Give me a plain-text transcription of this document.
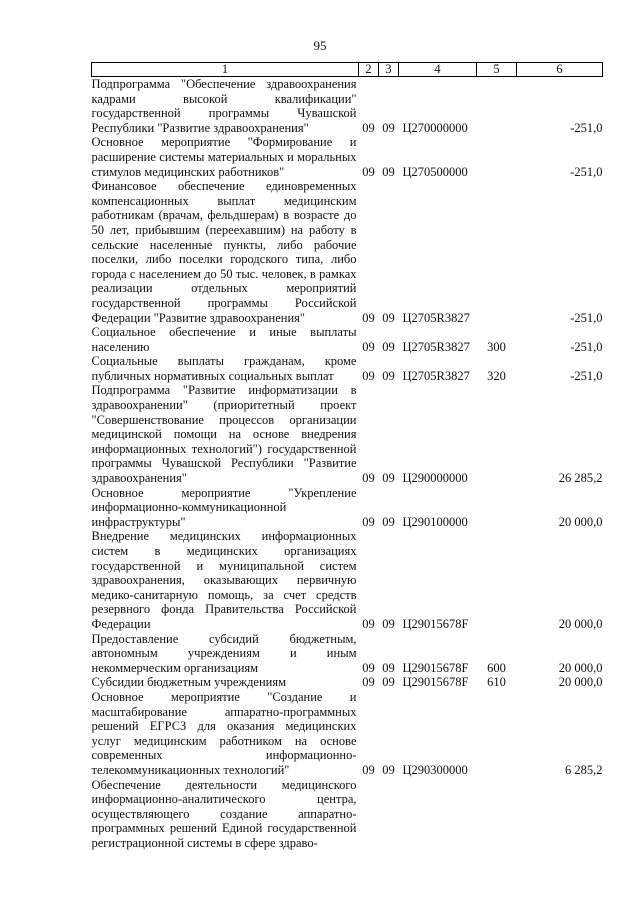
95
1	2	3	4	5	6
Подпрограмма "Обеспечение здравоохранения кадрами высокой квалификации" государственной программы Чувашской Республики "Развитие здравоохранения"	09	09	Ц270000000		-251,0
Основное мероприятие "Формирование и расширение системы материальных и моральных стимулов медицинских работников"	09	09	Ц270500000		-251,0
Финансовое обеспечение единовременных компенсационных выплат медицинским работникам (врачам, фельдшерам) в возрасте до 50 лет, прибывшим (переехавшим) на работу в сельские населенные пункты, либо рабочие поселки, либо поселки городского типа, либо города с населением до 50 тыс. человек, в рамках реализации отдельных мероприятий государственной программы Российской Федерации "Развитие здравоохранения"	09	09	Ц2705R3827		-251,0
Социальное обеспечение и иные выплаты населению	09	09	Ц2705R3827	300	-251,0
Социальные выплаты гражданам, кроме публичных нормативных социальных выплат	09	09	Ц2705R3827	320	-251,0
Подпрограмма "Развитие информатизации в здравоохранении" (приоритетный проект "Совершенствование процессов организации медицинской помощи на основе внедрения информационных технологий") государственной программы Чувашской Республики "Развитие здравоохранения"	09	09	Ц290000000		26 285,2
Основное мероприятие "Укрепление информационно-коммуникационной инфраструктуры"	09	09	Ц290100000		20 000,0
Внедрение медицинских информационных систем в медицинских организациях государственной и муниципальной систем здравоохранения, оказывающих первичную медико-санитарную помощь, за счет средств резервного фонда Правительства Российской Федерации	09	09	Ц29015678F		20 000,0
Предоставление субсидий бюджетным, автономным учреждениям и иным некоммерческим организациям	09	09	Ц29015678F	600	20 000,0
Субсидии бюджетным учреждениям	09	09	Ц29015678F	610	20 000,0
Основное мероприятие "Создание и масштабирование аппаратно-программных решений ЕГРСЗ для оказания медицинских услуг медицинским работником на основе современных информационно-телекоммуникационных технологий"	09	09	Ц290300000		6 285,2
Обеспечение деятельности медицинского информационно-аналитического центра, осуществляющего создание аппаратно-программных решений Единой государственной регистрационной системы в сфере здраво-					
